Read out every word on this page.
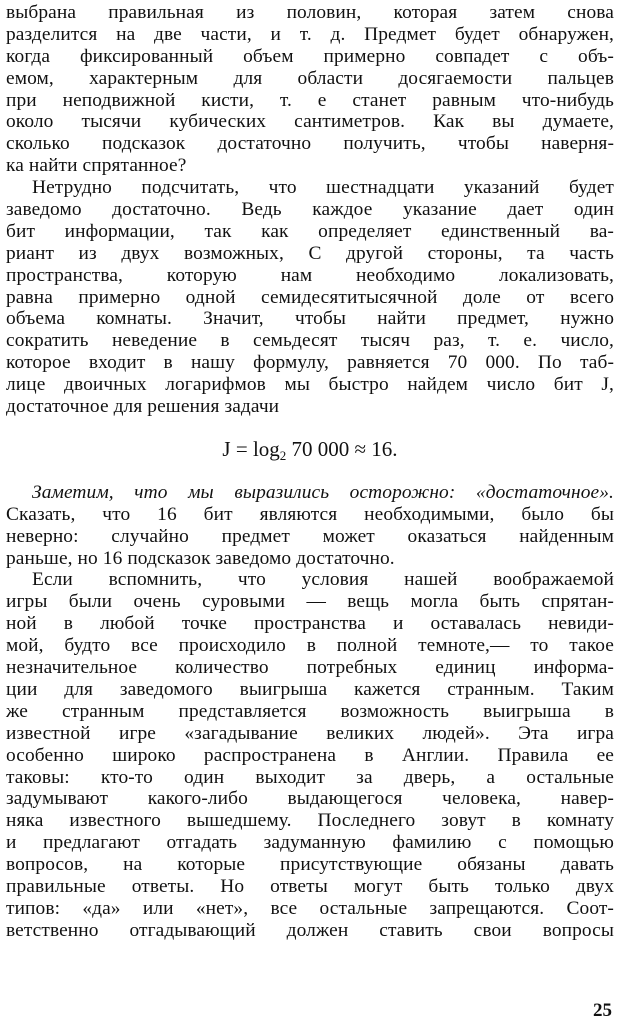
выбрана правильная из половин, которая затем снова
разделится на две части, и т. д. Предмет будет обнаружен,
когда фиксированный объем примерно совпадет с объ-
емом, характерным для области досягаемости пальцев
при неподвижной кисти, т. е станет равным что-нибудь
около тысячи кубических сантиметров. Как вы думаете,
сколько подсказок достаточно получить, чтобы наверня-
ка найти спрятанное?
Нетрудно подсчитать, что шестнадцати указаний будет
заведомо достаточно. Ведь каждое указание дает один
бит информации, так как определяет единственный ва-
риант из двух возможных, С другой стороны, та часть
пространства, которую нам необходимо локализовать,
равна примерно одной семидесятитысячной доле от всего
объема комнаты. Значит, чтобы найти предмет, нужно
сократить неведение в семьдесят тысяч раз, т. е. число,
которое входит в нашу формулу, равняется 70 000. По таб-
лице двоичных логарифмов мы быстро найдем число бит J,
достаточное для решения задачи
$J = \log_2 70$ 000 ≈ 16.
Заметим, что мы выразились осторожно: «достаточное».
Сказать, что 16 бит являются необходимыми, было бы
неверно: случайно предмет может оказаться найденным
раньше, но 16 подсказок заведомо достаточно.
Если вспомнить, что условия нашей воображаемой
игры были очень суровыми — вещь могла быть спрятан-
ной в любой точке пространства и оставалась невиди-
мой, будто все происходило в полной темноте,— то такое
незначительное количество потребных единиц информа-
ции для заведомого выигрыша кажется странным. Таким
же странным представляется возможность выигрыша в
известной игре «загадывание великих людей». Эта игра
особенно широко распространена в Англии. Правила ее
таковы: кто-то один выходит за дверь, а остальные
задумывают какого-либо выдающегося человека, навер-
няка известного вышедшему. Последнего зовут в комнату
и предлагают отгадать задуманную фамилию с помощью
вопросов, на которые присутствующие обязаны давать
правильные ответы. Но ответы могут быть только двух
типов: «да» или «нет», все остальные запрещаются. Соот-
ветственно отгадывающий должен ставить свои вопросы
25
